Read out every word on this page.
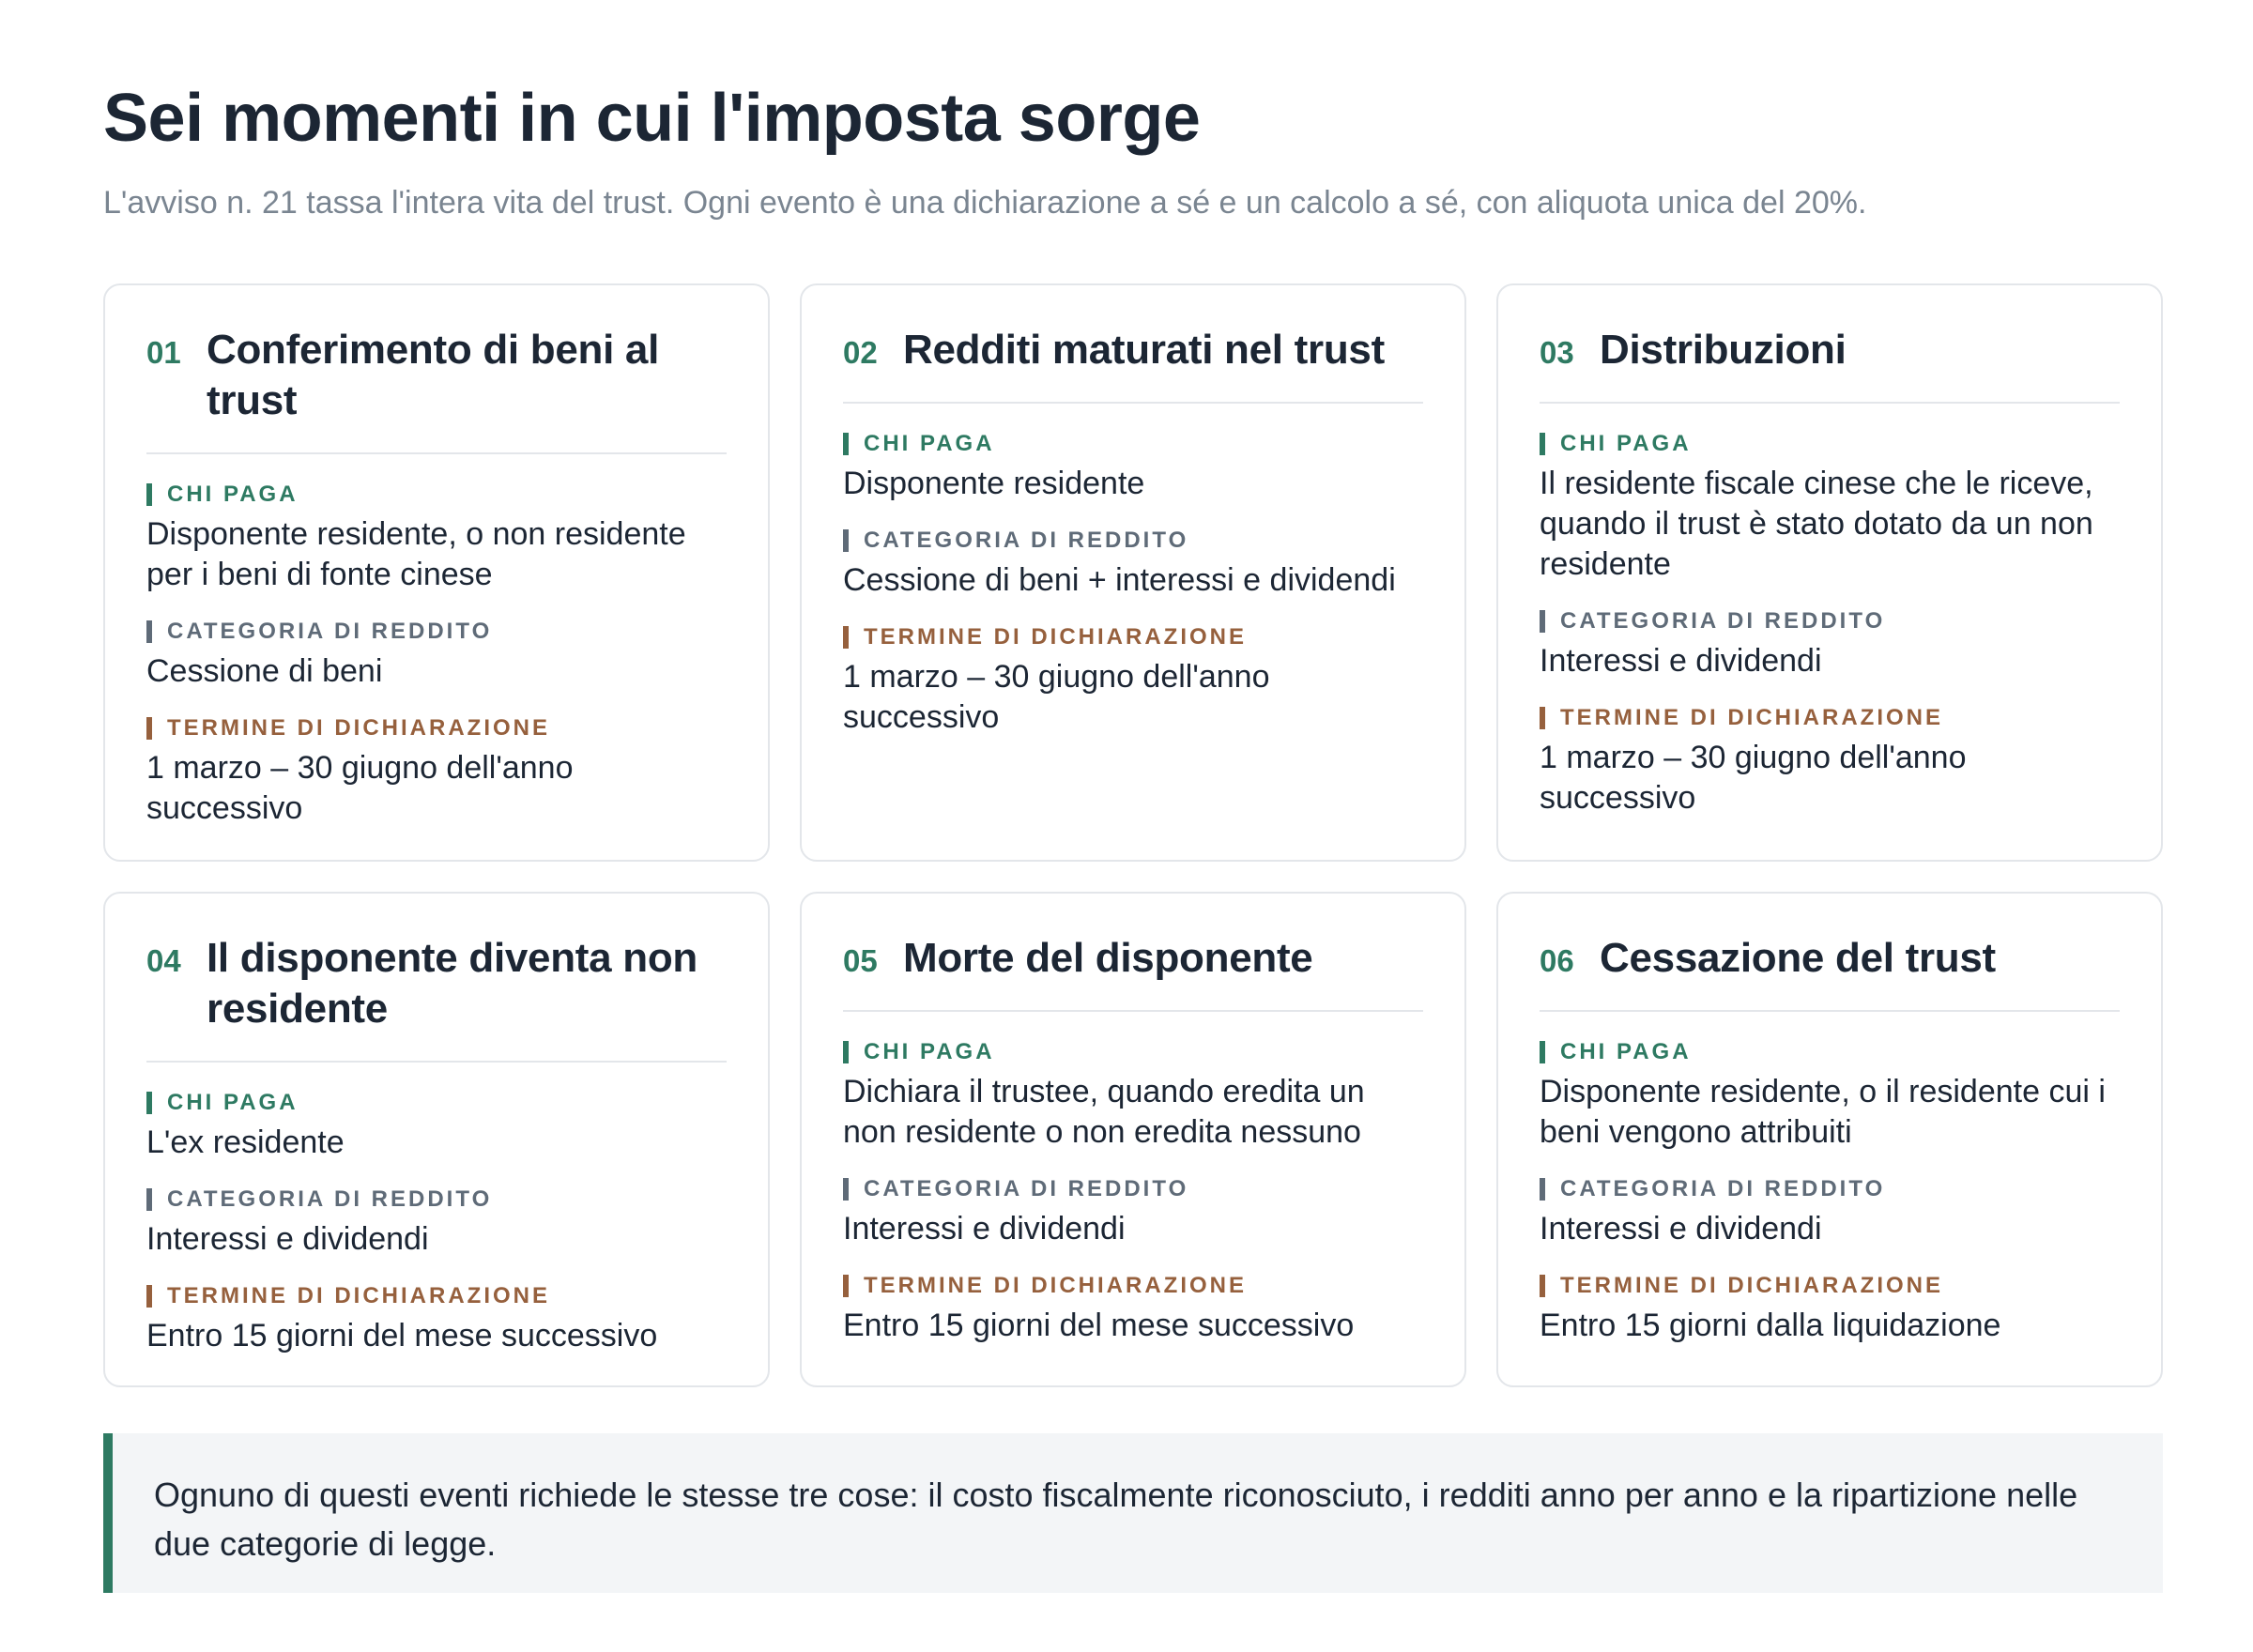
Sei momenti in cui l'imposta sorge

L'avviso n. 21 tassa l'intera vita del trust. Ogni evento è una dichiarazione a sé e un calcolo a sé, con aliquota unica del 20%.

01 Conferimento di beni al trust
CHI PAGA
Disponente residente, o non residente per i beni di fonte cinese
CATEGORIA DI REDDITO
Cessione di beni
TERMINE DI DICHIARAZIONE
1 marzo – 30 giugno dell'anno successivo
02 Redditi maturati nel trust
CHI PAGA
Disponente residente
CATEGORIA DI REDDITO
Cessione di beni + interessi e dividendi
TERMINE DI DICHIARAZIONE
1 marzo – 30 giugno dell'anno successivo
03 Distribuzioni
CHI PAGA
Il residente fiscale cinese che le riceve, quando il trust è stato dotato da un non residente
CATEGORIA DI REDDITO
Interessi e dividendi
TERMINE DI DICHIARAZIONE
1 marzo – 30 giugno dell'anno successivo
04 Il disponente diventa non residente
CHI PAGA
L'ex residente
CATEGORIA DI REDDITO
Interessi e dividendi
TERMINE DI DICHIARAZIONE
Entro 15 giorni del mese successivo
05 Morte del disponente
CHI PAGA
Dichiara il trustee, quando eredita un non residente o non eredita nessuno
CATEGORIA DI REDDITO
Interessi e dividendi
TERMINE DI DICHIARAZIONE
Entro 15 giorni del mese successivo
06 Cessazione del trust
CHI PAGA
Disponente residente, o il residente cui i beni vengono attribuiti
CATEGORIA DI REDDITO
Interessi e dividendi
TERMINE DI DICHIARAZIONE
Entro 15 giorni dalla liquidazione
Ognuno di questi eventi richiede le stesse tre cose: il costo fiscalmente riconosciuto, i redditi anno per anno e la ripartizione nelle due categorie di legge.
